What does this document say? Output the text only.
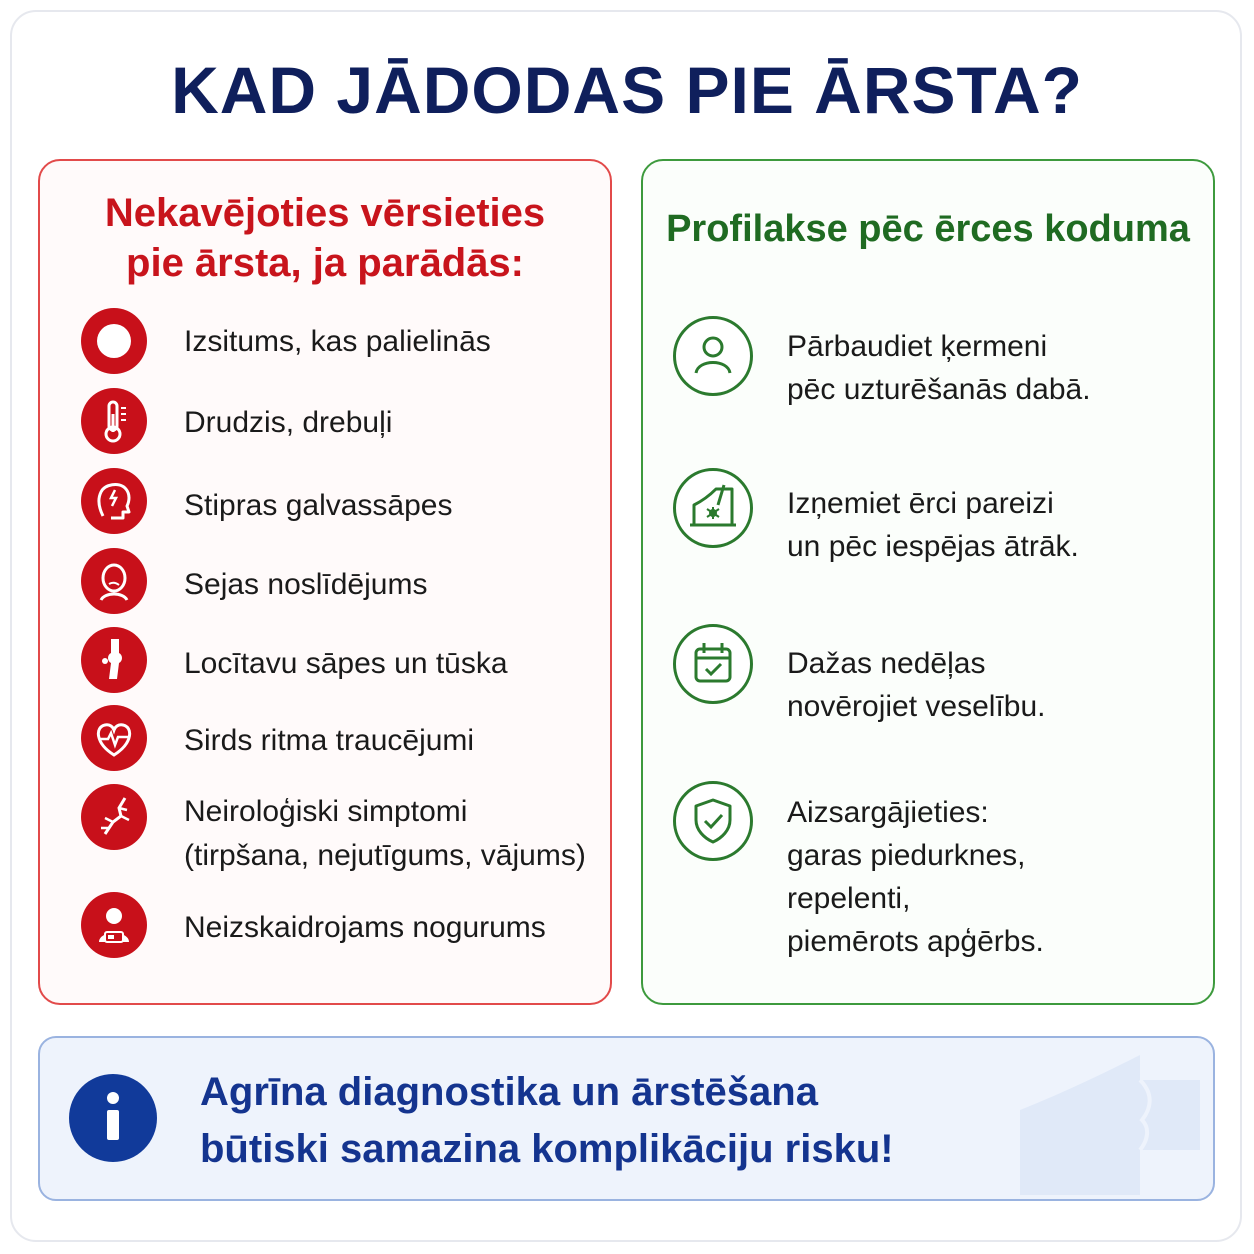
KAD JĀDODAS PIE ĀRSTA?
Nekavējoties vērsieties
pie ārsta, ja parādās:
Izsitums, kas palielinās
Drudzis, drebuļi
Stipras galvassāpes
Sejas noslīdējums
Locītavu sāpes un tūska
Sirds ritma traucējumi
Neiroloģiski simptomi
(tirpšana, nejutīgums, vājums)
Neizskaidrojams nogurums
Profilakse pēc ērces koduma
Pārbaudiet ķermeni
pēc uzturēšanās dabā.
Izņemiet ērci pareizi
un pēc iespējas ātrāk.
Dažas nedēļas
novērojiet veselību.
Aizsargājieties:
garas piedurknes,
repelenti,
piemērots apģērbs.
Agrīna diagnostika un ārstēšana
būtiski samazina komplikāciju risku!
